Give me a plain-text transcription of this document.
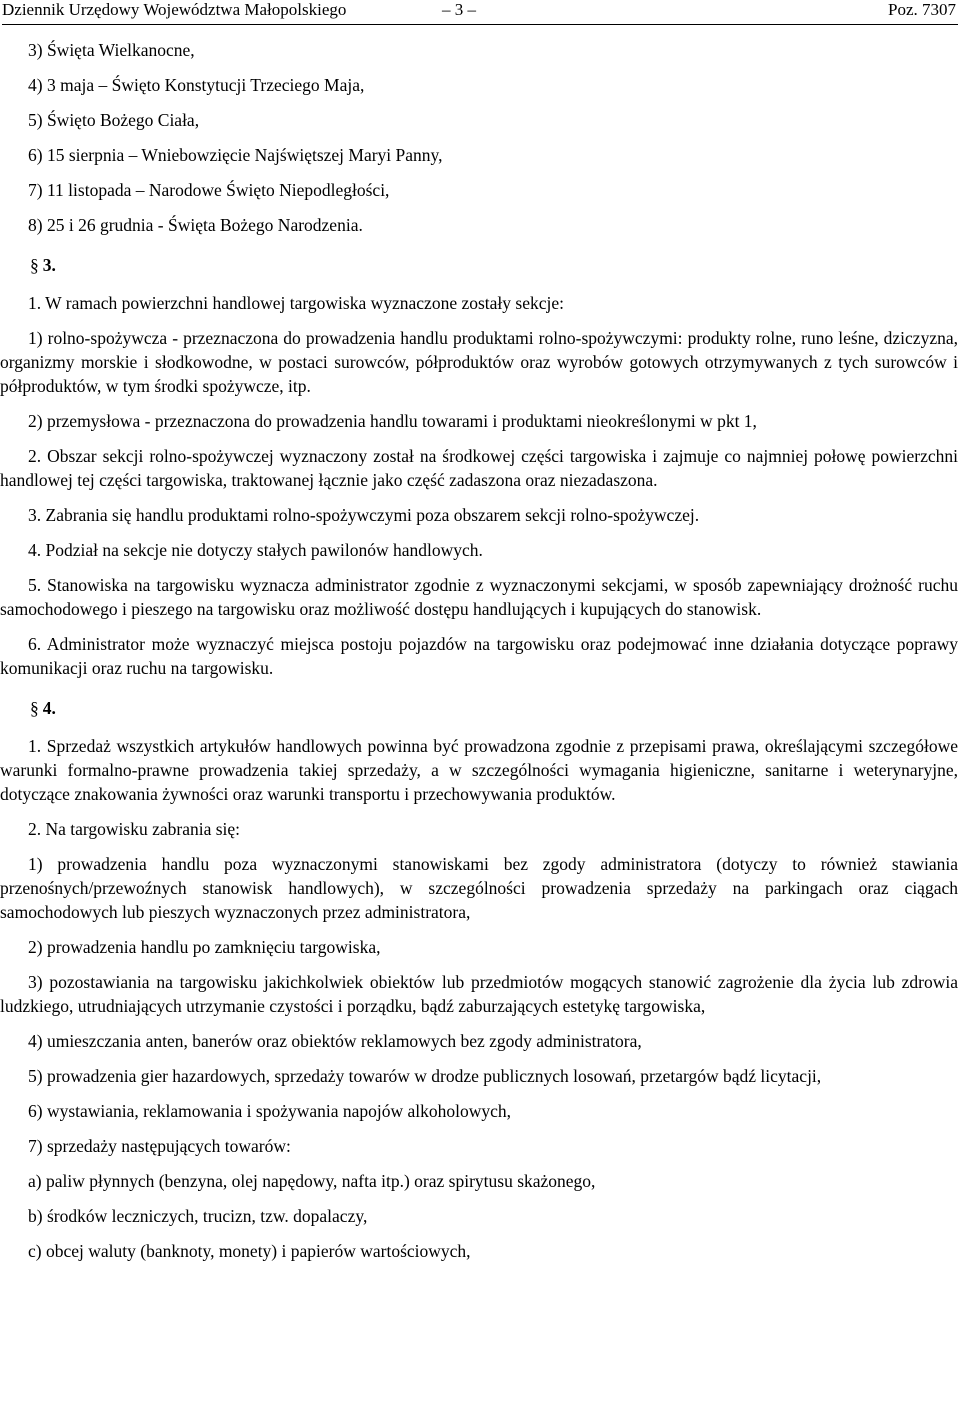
Dziennik Urzędowy Województwa Małopolskiego	– 3 –	Poz. 7307

3) Święta Wielkanocne,

4) 3 maja – Święto Konstytucji Trzeciego Maja,

5) Święto Bożego Ciała,

6) 15 sierpnia – Wniebowzięcie Najświętszej Maryi Panny,

7) 11 listopada – Narodowe Święto Niepodległości,

8) 25 i 26 grudnia - Święta Bożego Narodzenia.

§ 3.

1. W ramach powierzchni handlowej targowiska wyznaczone zostały sekcje:

1) rolno-spożywcza - przeznaczona do prowadzenia handlu produktami rolno-spożywczymi: produkty rolne, runo leśne, dziczyzna, organizmy morskie i słodkowodne, w postaci surowców, półproduktów oraz wyrobów gotowych otrzymywanych z tych surowców i półproduktów, w tym środki spożywcze, itp.

2) przemysłowa - przeznaczona do prowadzenia handlu towarami i produktami nieokreślonymi w pkt 1,

2. Obszar sekcji rolno-spożywczej wyznaczony został na środkowej części targowiska i zajmuje co najmniej połowę powierzchni handlowej tej części targowiska, traktowanej łącznie jako część zadaszona oraz niezadaszona.

3. Zabrania się handlu produktami rolno-spożywczymi poza obszarem sekcji rolno-spożywczej.

4. Podział na sekcje nie dotyczy stałych pawilonów handlowych.

5. Stanowiska na targowisku wyznacza administrator zgodnie z wyznaczonymi sekcjami, w sposób zapewniający drożność ruchu samochodowego i pieszego na targowisku oraz możliwość dostępu handlujących i kupujących do stanowisk.

6. Administrator może wyznaczyć miejsca postoju pojazdów na targowisku oraz podejmować inne działania dotyczące poprawy komunikacji oraz ruchu na targowisku.

§ 4.

1. Sprzedaż wszystkich artykułów handlowych powinna być prowadzona zgodnie z przepisami prawa, określającymi szczegółowe warunki formalno-prawne prowadzenia takiej sprzedaży, a w szczególności wymagania higieniczne, sanitarne i weterynaryjne, dotyczące znakowania żywności oraz warunki transportu i przechowywania produktów.

2. Na targowisku zabrania się:

1) prowadzenia handlu poza wyznaczonymi stanowiskami bez zgody administratora (dotyczy to również stawiania przenośnych/przewoźnych stanowisk handlowych), w szczególności prowadzenia sprzedaży na parkingach oraz ciągach samochodowych lub pieszych wyznaczonych przez administratora,

2) prowadzenia handlu po zamknięciu targowiska,

3) pozostawiania na targowisku jakichkolwiek obiektów lub przedmiotów mogących stanowić zagrożenie dla życia lub zdrowia ludzkiego, utrudniających utrzymanie czystości i porządku, bądź zaburzających estetykę targowiska,

4) umieszczania anten, banerów oraz obiektów reklamowych bez zgody administratora,

5) prowadzenia gier hazardowych, sprzedaży towarów w drodze publicznych losowań, przetargów bądź licytacji,

6) wystawiania, reklamowania i spożywania napojów alkoholowych,

7) sprzedaży następujących towarów:

a) paliw płynnych (benzyna, olej napędowy, nafta itp.) oraz spirytusu skażonego,

b) środków leczniczych, trucizn, tzw. dopalaczy,

c) obcej waluty (banknoty, monety) i papierów wartościowych,
